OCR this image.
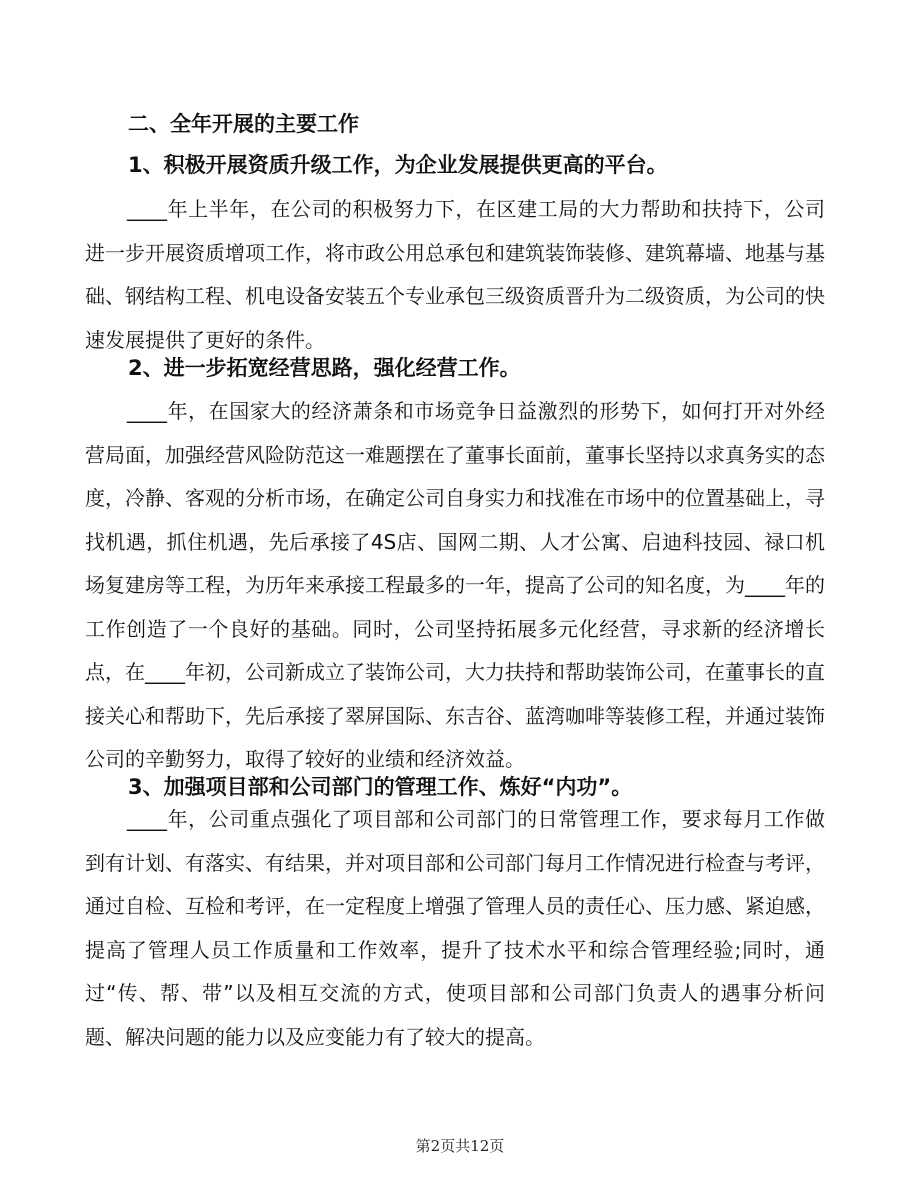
二、全年开展的主要工作
1、积极开展资质升级工作，为企业发展提供更高的平台。

____年上半年，在公司的积极努力下，在区建工局的大力帮助和扶持下，公司进一步开展资质增项工作，将市政公用总承包和建筑装饰装修、建筑幕墙、地基与基础、钢结构工程、机电设备安装五个专业承包三级资质晋升为二级资质，为公司的快速发展提供了更好的条件。

2、进一步拓宽经营思路，强化经营工作。

____年，在国家大的经济萧条和市场竞争日益激烈的形势下，如何打开对外经营局面，加强经营风险防范这一难题摆在了董事长面前，董事长坚持以求真务实的态度，冷静、客观的分析市场，在确定公司自身实力和找准在市场中的位置基础上，寻找机遇，抓住机遇，先后承接了4S店、国网二期、人才公寓、启迪科技园、禄口机场复建房等工程，为历年来承接工程最多的一年，提高了公司的知名度，为____年的工作创造了一个良好的基础。同时，公司坚持拓展多元化经营，寻求新的经济增长点，在____年初，公司新成立了装饰公司，大力扶持和帮助装饰公司，在董事长的直接关心和帮助下，先后承接了翠屏国际、东吉谷、蓝湾咖啡等装修工程，并通过装饰公司的辛勤努力，取得了较好的业绩和经济效益。

3、加强项目部和公司部门的管理工作、炼好“内功”。

____年，公司重点强化了项目部和公司部门的日常管理工作，要求每月工作做到有计划、有落实、有结果，并对项目部和公司部门每月工作情况进行检查与考评，通过自检、互检和考评，在一定程度上增强了管理人员的责任心、压力感、紧迫感，提高了管理人员工作质量和工作效率，提升了技术水平和综合管理经验;同时，通过“传、帮、带”以及相互交流的方式，使项目部和公司部门负责人的遇事分析问题、解决问题的能力以及应变能力有了较大的提高。

第2页共12页
